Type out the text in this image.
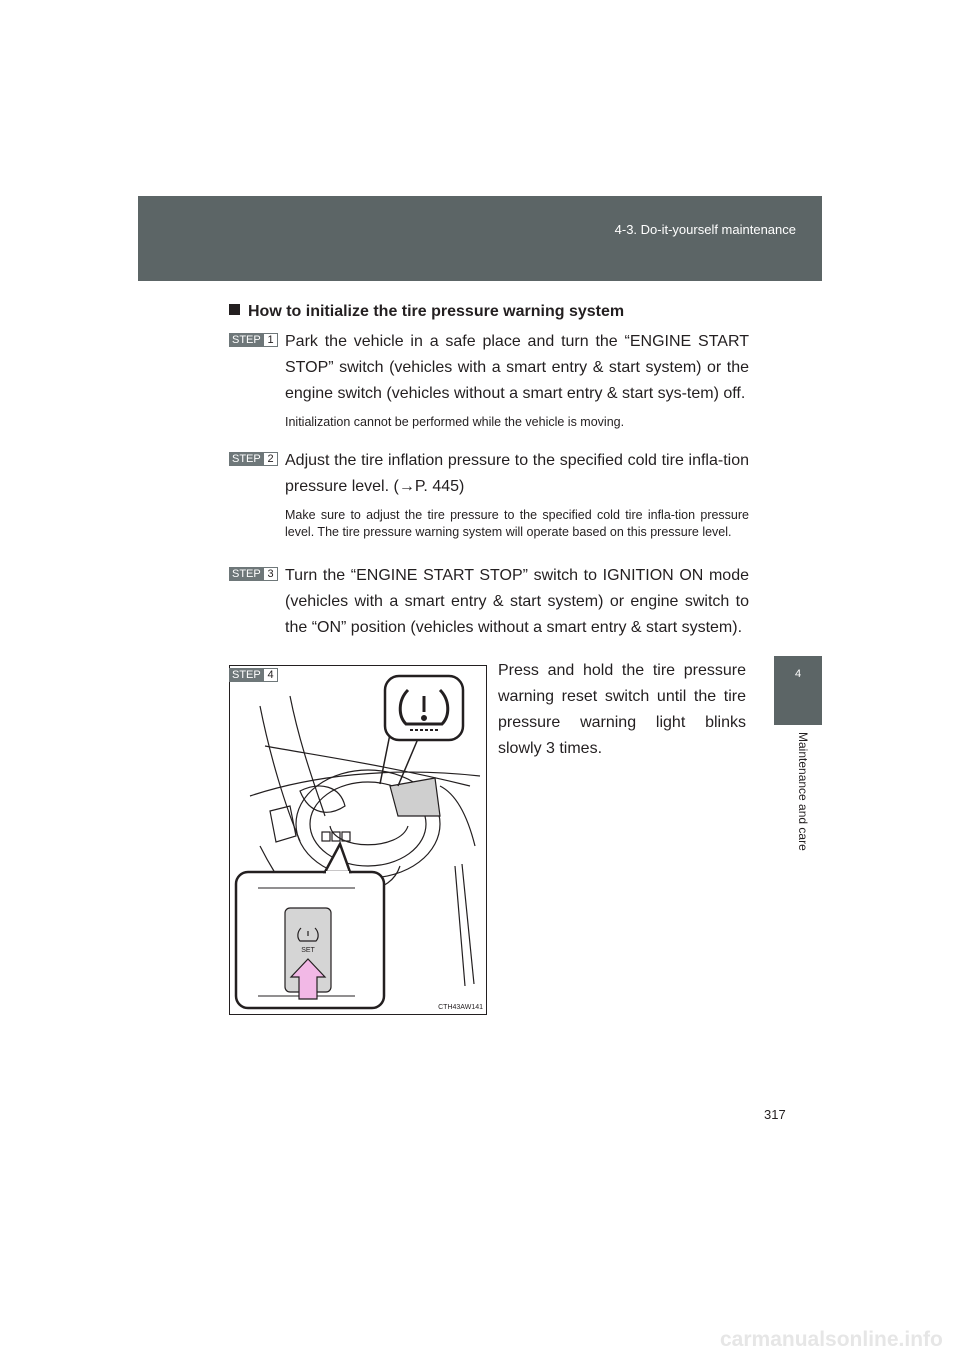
4-3. Do-it-yourself maintenance
4
Maintenance and care
How to initialize the tire pressure warning system
STEP 1 Park the vehicle in a safe place and turn the “ENGINE START STOP” switch (vehicles with a smart entry & start system) or the engine switch (vehicles without a smart entry & start sys-tem) off.
Initialization cannot be performed while the vehicle is moving.
STEP 2 Adjust the tire inflation pressure to the specified cold tire infla-tion pressure level. (→P. 445)
Make sure to adjust the tire pressure to the specified cold tire infla-tion pressure level. The tire pressure warning system will operate based on this pressure level.
STEP 3 Turn the “ENGINE START STOP” switch to IGNITION ON mode (vehicles with a smart entry & start system) or engine switch to the “ON” position (vehicles without a smart entry & start system).
SET
CTH43AW141
STEP 4	Press and hold the tire pressure warning reset switch until the tire pressure warning light blinks slowly 3 times.
317
carmanualsonline.info
